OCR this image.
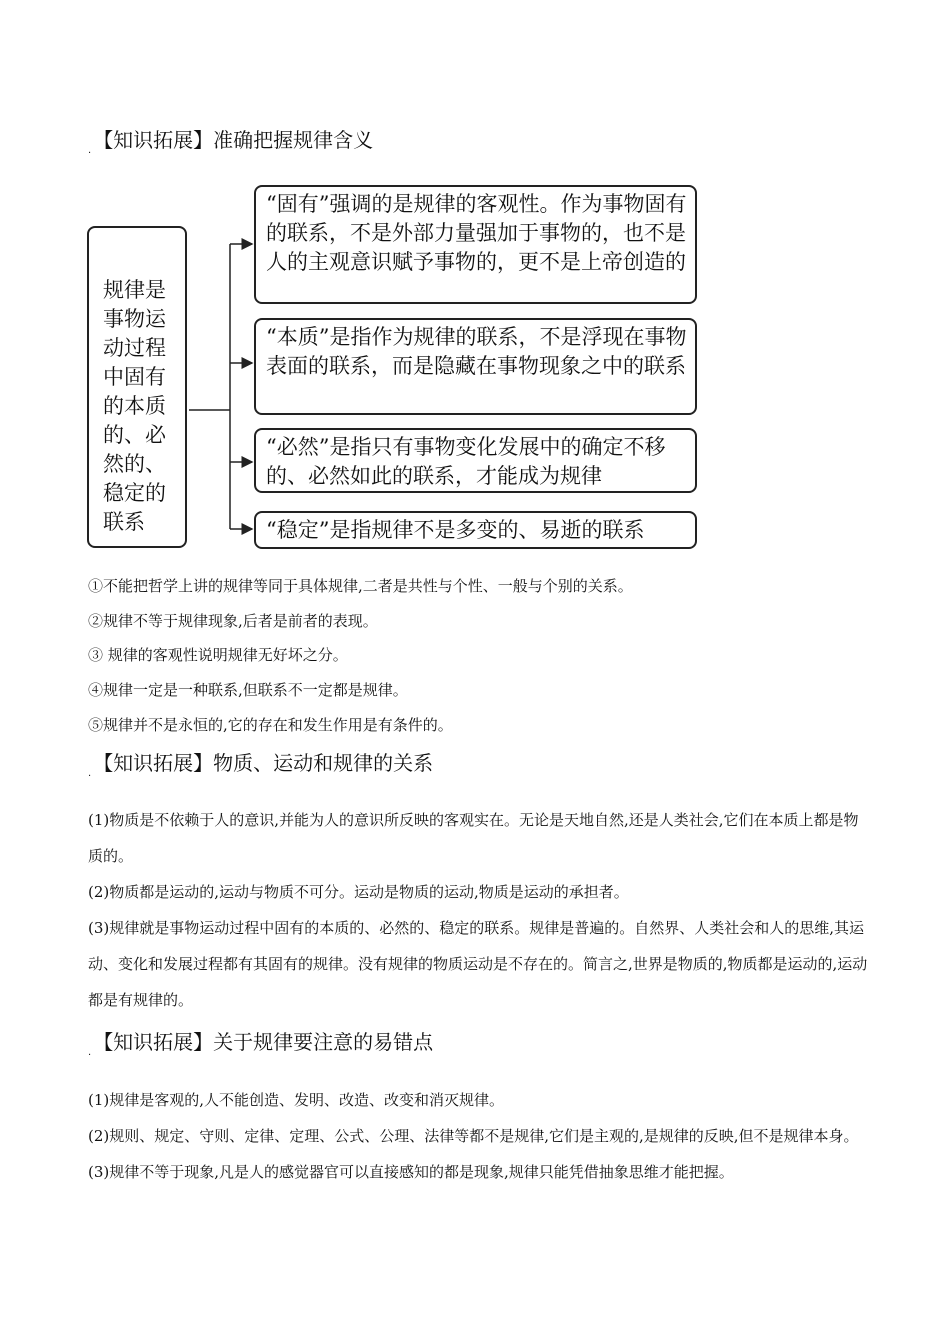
$_.$ 【知识拓展】准确把握规律含义
规律是事物运动过程中固有的本质的、必然的、稳定的联系
“固有”强调的是规律的客观性。作为事物固有的联系，不是外部力量强加于事物的，也不是人的主观意识赋予事物的，更不是上帝创造的
“本质”是指作为规律的联系，不是浮现在事物表面的联系，而是隐藏在事物现象之中的联系
“必然”是指只有事物变化发展中的确定不移的、必然如此的联系，才能成为规律
“稳定”是指规律不是多变的、易逝的联系
①不能把哲学上讲的规律等同于具体规律,二者是共性与个性、一般与个别的关系。
②规律不等于规律现象,后者是前者的表现。
③ 规律的客观性说明规律无好坏之分。
④规律一定是一种联系,但联系不一定都是规律。
⑤规律并不是永恒的,它的存在和发生作用是有条件的。
$_.$ 【知识拓展】物质、运动和规律的关系

(1)物质是不依赖于人的意识,并能为人的意识所反映的客观实在。无论是天地自然,还是人类社会,它们在本质上都是物质的。

(2)物质都是运动的,运动与物质不可分。运动是物质的运动,物质是运动的承担者。

(3)规律就是事物运动过程中固有的本质的、必然的、稳定的联系。规律是普遍的。自然界、人类社会和人的思维,其运动、变化和发展过程都有其固有的规律。没有规律的物质运动是不存在的。简言之,世界是物质的,物质都是运动的,运动都是有规律的。

$_.$ 【知识拓展】关于规律要注意的易错点

(1)规律是客观的,人不能创造、发明、改造、改变和消灭规律。

(2)规则、规定、守则、定律、定理、公式、公理、法律等都不是规律,它们是主观的,是规律的反映,但不是规律本身。

(3)规律不等于现象,凡是人的感觉器官可以直接感知的都是现象,规律只能凭借抽象思维才能把握。
